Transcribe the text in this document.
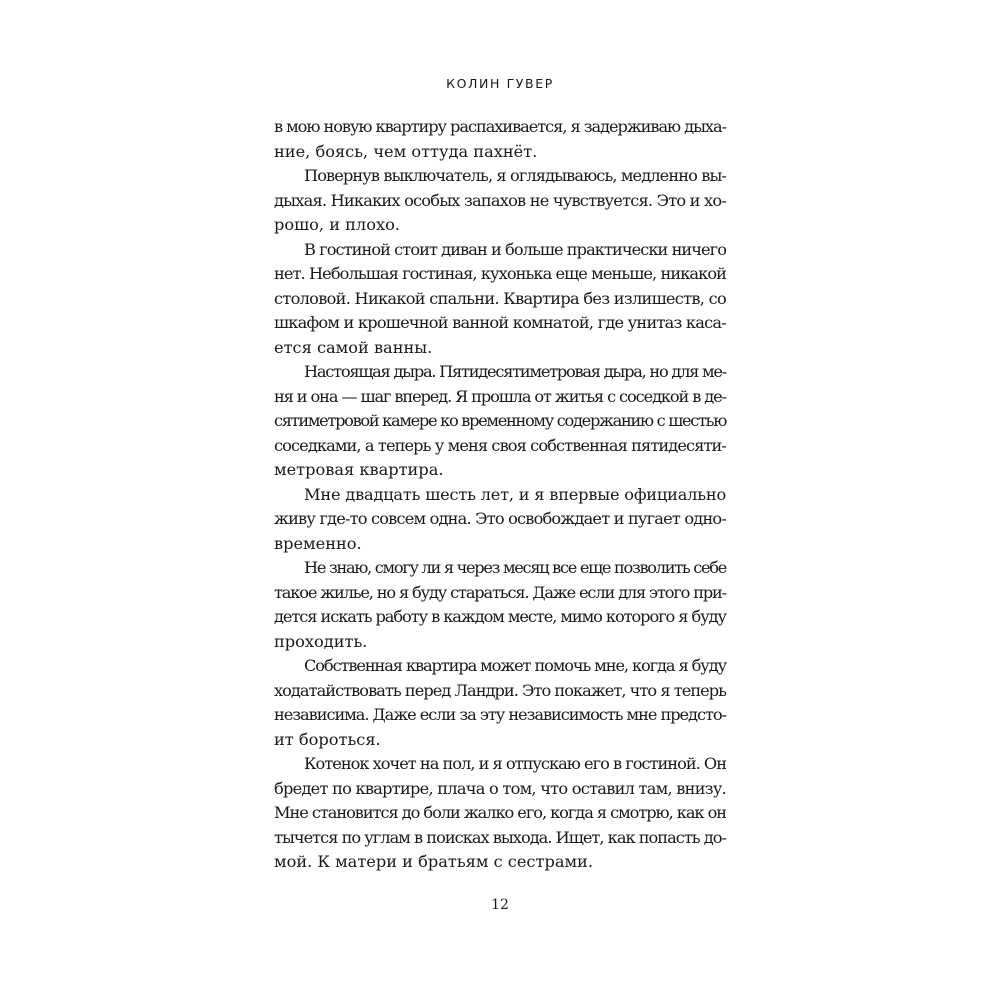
КОЛИН ГУВЕР
в мою новую квартиру распахивается, я задерживаю дыха-
ние, боясь, чем оттуда пахнёт.
Повернув выключатель, я оглядываюсь, медленно вы-
дыхая. Никаких особых запахов не чувствуется. Это и хо-
рошо, и плохо.
В гостиной стоит диван и больше практически ничего
нет. Небольшая гостиная, кухонька еще меньше, никакой
столовой. Никакой спальни. Квартира без излишеств, со
шкафом и крошечной ванной комнатой, где унитаз каса-
ется самой ванны.
Настоящая дыра. Пятидесятиметровая дыра, но для ме-
ня и она — шаг вперед. Я прошла от житья с соседкой в де-
сятиметровой камере ко временному содержанию с шестью
соседками, а теперь у меня своя собственная пятидесяти-
метровая квартира.
Мне двадцать шесть лет, и я впервые официально
живу где-то совсем одна. Это освобождает и пугает одно-
временно.
Не знаю, смогу ли я через месяц все еще позволить себе
такое жилье, но я буду стараться. Даже если для этого при-
дется искать работу в каждом месте, мимо которого я буду
проходить.
Собственная квартира может помочь мне, когда я буду
ходатайствовать перед Ландри. Это покажет, что я теперь
независима. Даже если за эту независимость мне предсто-
ит бороться.
Котенок хочет на пол, и я отпускаю его в гостиной. Он
бредет по квартире, плача о том, что оставил там, внизу.
Мне становится до боли жалко его, когда я смотрю, как он
тычется по углам в поисках выхода. Ищет, как попасть до-
мой. К матери и братьям с сестрами.
12
